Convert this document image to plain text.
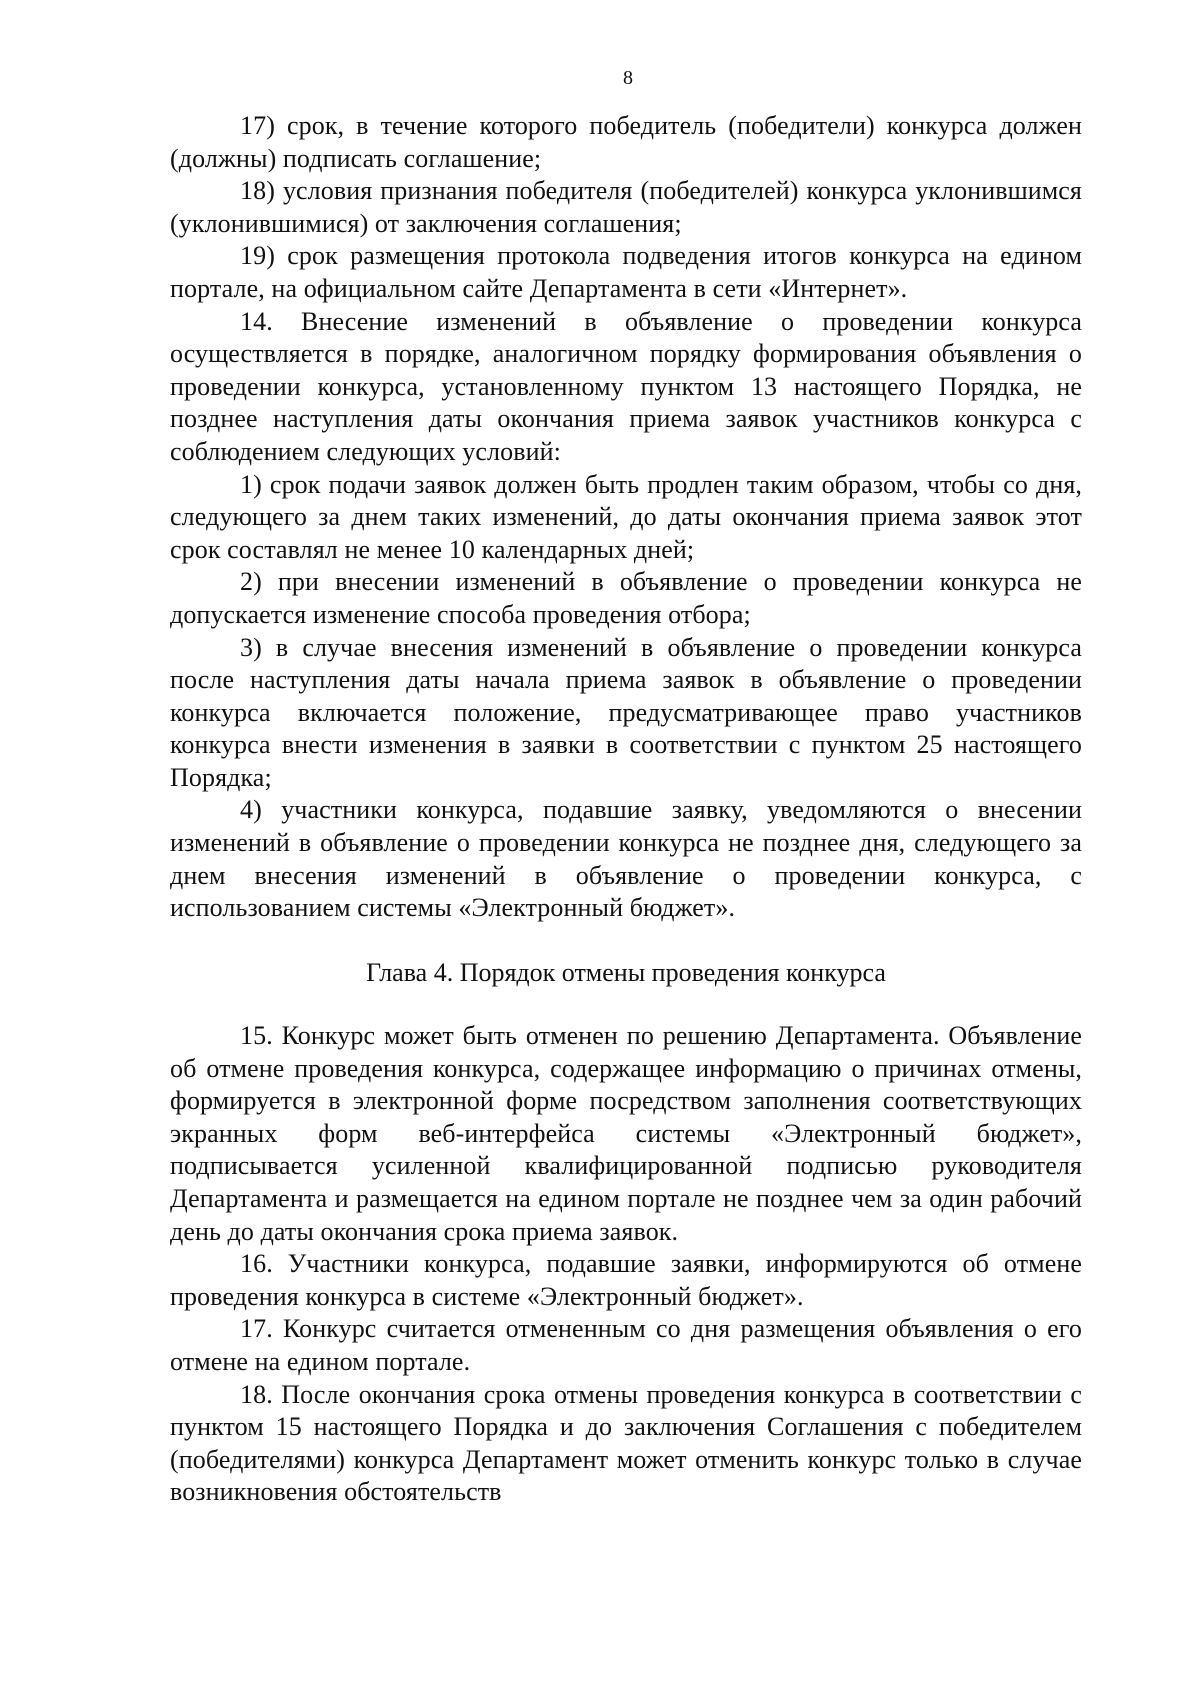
8

17) срок, в течение которого победитель (победители) конкурса должен (должны) подписать соглашение;

18) условия признания победителя (победителей) конкурса уклонившимся (уклонившимися) от заключения соглашения;

19) срок размещения протокола подведения итогов конкурса на едином портале, на официальном сайте Департамента в сети «Интернет».

14. Внесение изменений в объявление о проведении конкурса осуществляется в порядке, аналогичном порядку формирования объявления о проведении конкурса, установленному пунктом 13 настоящего Порядка, не позднее наступления даты окончания приема заявок участников конкурса с соблюдением следующих условий:

1) срок подачи заявок должен быть продлен таким образом, чтобы со дня, следующего за днем таких изменений, до даты окончания приема заявок этот срок составлял не менее 10 календарных дней;

2) при внесении изменений в объявление о проведении конкурса не допускается изменение способа проведения отбора;

3) в случае внесения изменений в объявление о проведении конкурса после наступления даты начала приема заявок в объявление о проведении конкурса включается положение, предусматривающее право участников конкурса внести изменения в заявки в соответствии с пунктом 25 настоящего Порядка;

4) участники конкурса, подавшие заявку, уведомляются о внесении изменений в объявление о проведении конкурса не позднее дня, следующего за днем внесения изменений в объявление о проведении конкурса, с использованием системы «Электронный бюджет».

Глава 4. Порядок отмены проведения конкурса

15. Конкурс может быть отменен по решению Департамента. Объявление об отмене проведения конкурса, содержащее информацию о причинах отмены, формируется в электронной форме посредством заполнения соответствующих экранных форм веб-интерфейса системы «Электронный бюджет», подписывается усиленной квалифицированной подписью руководителя Департамента и размещается на едином портале не позднее чем за один рабочий день до даты окончания срока приема заявок.

16. Участники конкурса, подавшие заявки, информируются об отмене проведения конкурса в системе «Электронный бюджет».

17. Конкурс считается отмененным со дня размещения объявления о его отмене на едином портале.

18. После окончания срока отмены проведения конкурса в соответствии с пунктом 15 настоящего Порядка и до заключения Соглашения с победителем (победителями) конкурса Департамент может отменить конкурс только в случае возникновения обстоятельств
